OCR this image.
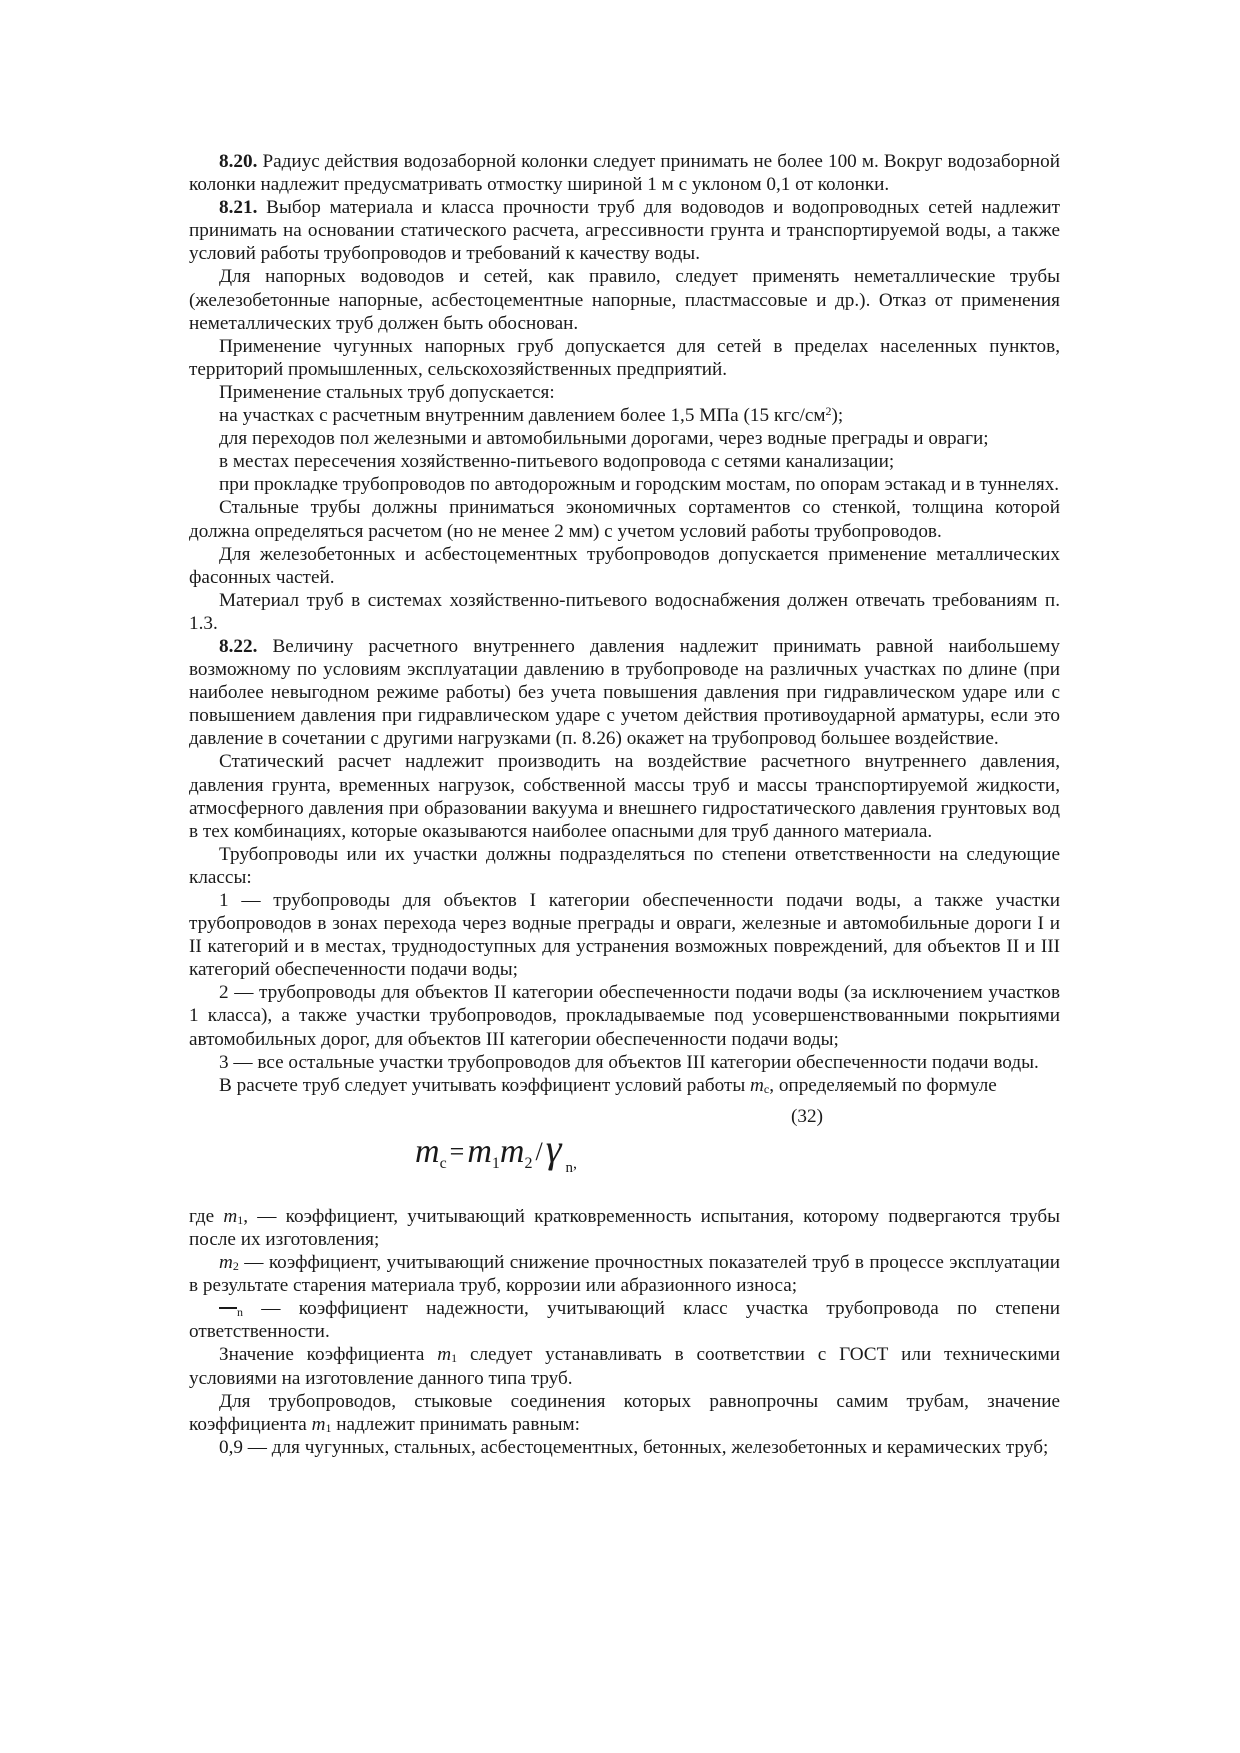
8.20. Радиус действия водозаборной колонки следует принимать не более 100 м. Вокруг водозаборной колонки надлежит предусматривать отмостку шириной 1 м с уклоном 0,1 от колонки.

8.21. Выбор материала и класса прочности труб для водоводов и водопроводных сетей надлежит принимать на основании статического расчета, агрессивности грунта и транспортируемой воды, а также условий работы трубопроводов и требований к качеству воды.

Для напорных водоводов и сетей, как правило, следует применять неметаллические трубы (железобетонные напорные, асбестоцементные напорные, пластмассовые и др.). Отказ от применения неметаллических труб должен быть обоснован.

Применение чугунных напорных груб допускается для сетей в пределах населенных пунктов, территорий промышленных, сельскохозяйственных предприятий.

Применение стальных труб допускается:

на участках с расчетным внутренним давлением более 1,5 МПа (15 кгс/$см^2$);

для переходов пол железными и автомобильными дорогами, через водные преграды и овраги;

в местах пересечения хозяйственно-питьевого водопровода с сетями канализации;

при прокладке трубопроводов по автодорожным и городским мостам, по опорам эстакад и в туннелях.

Стальные трубы должны приниматься экономичных сортаментов со стенкой, толщина которой должна определяться расчетом (но не менее 2 мм) с учетом условий работы трубопроводов.

Для железобетонных и асбестоцементных трубопроводов допускается применение металлических фасонных частей.

Материал труб в системах хозяйственно-питьевого водоснабжения должен отвечать требованиям п. 1.3.

8.22. Величину расчетного внутреннего давления надлежит принимать равной наибольшему возможному по условиям эксплуатации давлению в трубопроводе на различных участках по длине (при наиболее невыгодном режиме работы) без учета повышения давления при гидравлическом ударе или с повышением давления при гидравлическом ударе с учетом действия противоударной арматуры, если это давление в сочетании с другими нагрузками (п. 8.26) окажет на трубопровод большее воздействие.

Статический расчет надлежит производить на воздействие расчетного внутреннего давления, давления грунта, временных нагрузок, собственной массы труб и массы транспортируемой жидкости, атмосферного давления при образовании вакуума и внешнего гидростатического давления грунтовых вод в тех комбинациях, которые оказываются наиболее опасными для труб данного материала.

Трубопроводы или их участки должны подразделяться по степени ответственности на следующие классы:

1 — трубопроводы для объектов I категории обеспеченности подачи воды, а также участки трубопроводов в зонах перехода через водные преграды и овраги, железные и автомобильные дороги I и II категорий и в местах, труднодоступных для устранения возможных повреждений, для объектов II и III категорий обеспеченности подачи воды;

2 — трубопроводы для объектов II категории обеспеченности подачи воды (за исключением участков 1 класса), а также участки трубопроводов, прокладываемые под усовершенствованными покрытиями автомобильных дорог, для объектов III категории обеспеченности подачи воды;

3 — все остальные участки трубопроводов для объектов III категории обеспеченности подачи воды.

В расчете труб следует учитывать коэффициент условий работы $m_c$, определяемый по формуле

(32)
mc =m1m2 /γ $_n$,

где $m_1$, — коэффициент, учитывающий кратковременность испытания, которому подвергаются трубы после их изготовления;

$m_2$ — коэффициент, учитывающий снижение прочностных показателей труб в процессе эксплуатации в результате старения материала труб, коррозии или абразионного износа;

$_n$ — коэффициент надежности, учитывающий класс участка трубопровода по степени ответственности.

Значение коэффициента $m_1$ следует устанавливать в соответствии с ГОСТ или техническими условиями на изготовление данного типа труб.

Для трубопроводов, стыковые соединения которых равнопрочны самим трубам, значение коэффициента $m_1$ надлежит принимать равным:

0,9 — для чугунных, стальных, асбестоцементных, бетонных, железобетонных и керамических труб;
